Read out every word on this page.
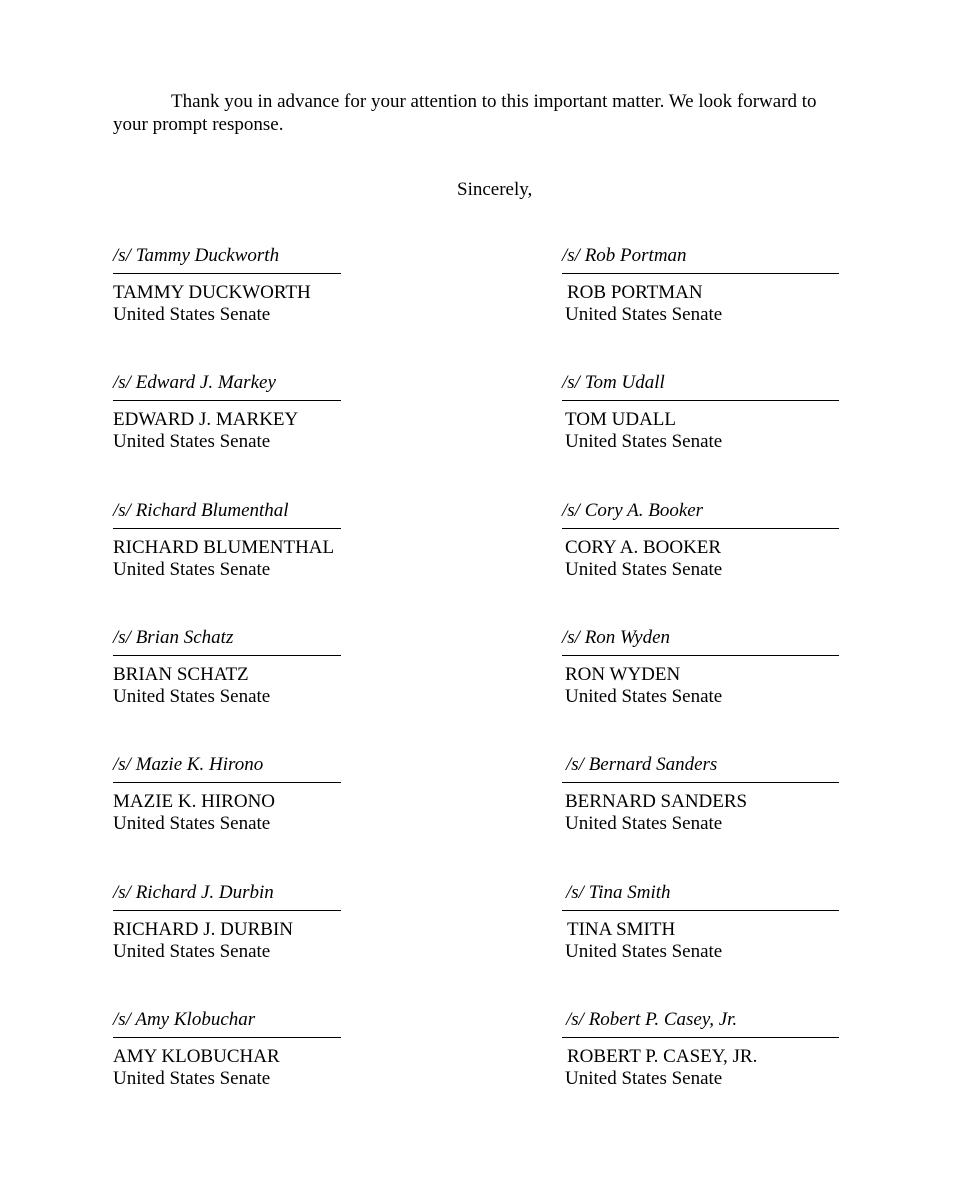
Thank you in advance for your attention to this important matter. We look forward to your prompt response.

Sincerely,

/s/ Tammy Duckworth
TAMMY DUCKWORTH
United States Senate
/s/ Edward J. Markey
EDWARD J. MARKEY
United States Senate
/s/ Richard Blumenthal
RICHARD BLUMENTHAL
United States Senate
/s/ Brian Schatz
BRIAN SCHATZ
United States Senate
/s/ Mazie K. Hirono
MAZIE K. HIRONO
United States Senate
/s/ Richard J. Durbin
RICHARD J. DURBIN
United States Senate
/s/ Amy Klobuchar
AMY KLOBUCHAR
United States Senate
/s/ Rob Portman
ROB PORTMAN
United States Senate
/s/ Tom Udall
TOM UDALL
United States Senate
/s/ Cory A. Booker
CORY A. BOOKER
United States Senate
/s/ Ron Wyden
RON WYDEN
United States Senate
/s/ Bernard Sanders
BERNARD SANDERS
United States Senate
/s/ Tina Smith
TINA SMITH
United States Senate
/s/ Robert P. Casey, Jr.
ROBERT P. CASEY, JR.
United States Senate
